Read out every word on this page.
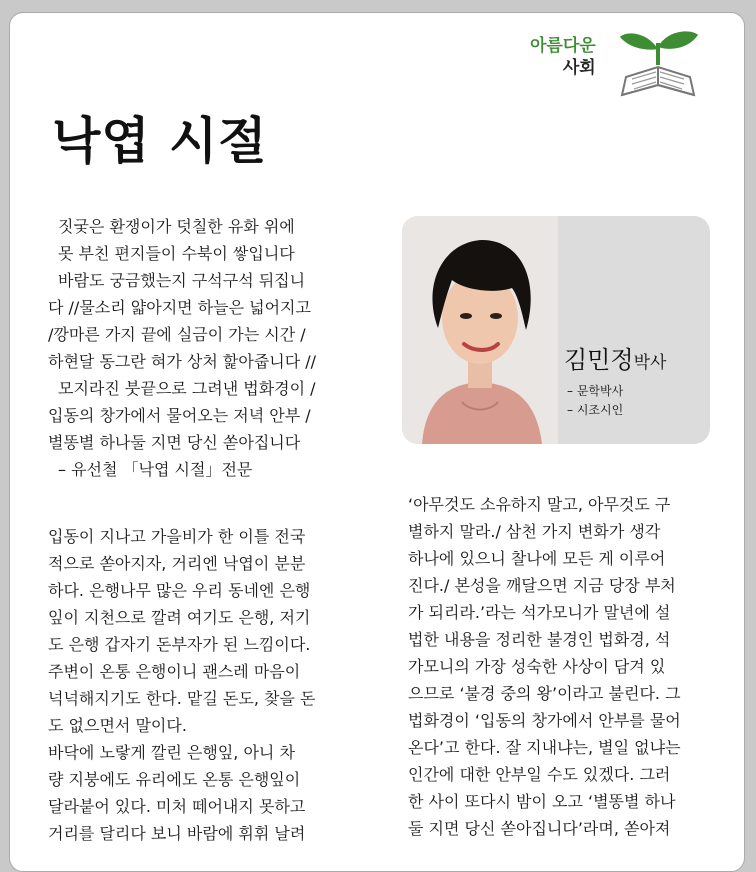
아름다운
사회
낙엽 시절
짓궂은 환쟁이가 덧칠한 유화 위에
못 부친 편지들이 수북이 쌓입니다
바람도 궁금했는지 구석구석 뒤집니
다 //물소리 얇아지면 하늘은 넓어지고
/깡마른 가지 끝에 실금이 가는 시간 /
하현달 동그란 혀가 상처 핥아줍니다 //
모지라진 붓끝으로 그려낸 법화경이 /
입동의 창가에서 물어오는 저녁 안부 /
별똥별 하나둘 지면 당신 쏟아집니다
– 유선철 「낙엽 시절」전문
김민정박사
– 문학박사
– 시조시인
입동이 지나고 가을비가 한 이틀 전국
적으로 쏟아지자, 거리엔 낙엽이 분분
하다. 은행나무 많은 우리 동네엔 은행
잎이 지천으로 깔려 여기도 은행, 저기
도 은행 갑자기 돈부자가 된 느낌이다.
주변이 온통 은행이니 괜스레 마음이
넉넉해지기도 한다. 맡길 돈도, 찾을 돈
도 없으면서 말이다.
바닥에 노랗게 깔린 은행잎, 아니 차
량 지붕에도 유리에도 온통 은행잎이
달라붙어 있다. 미처 떼어내지 못하고
거리를 달리다 보니 바람에 휘휘 날려
‘아무것도 소유하지 말고, 아무것도 구
별하지 말라./ 삼천 가지 변화가 생각
하나에 있으니 찰나에 모든 게 이루어
진다./ 본성을 깨달으면 지금 당장 부처
가 되리라.’라는 석가모니가 말년에 설
법한 내용을 정리한 불경인 법화경, 석
가모니의 가장 성숙한 사상이 담겨 있
으므로 ‘불경 중의 왕’이라고 불린다. 그
법화경이 ‘입동의 창가에서 안부를 물어
온다’고 한다. 잘 지내냐는, 별일 없냐는
인간에 대한 안부일 수도 있겠다. 그러
한 사이 또다시 밤이 오고 ‘별똥별 하나
둘 지면 당신 쏟아집니다’라며, 쏟아져
